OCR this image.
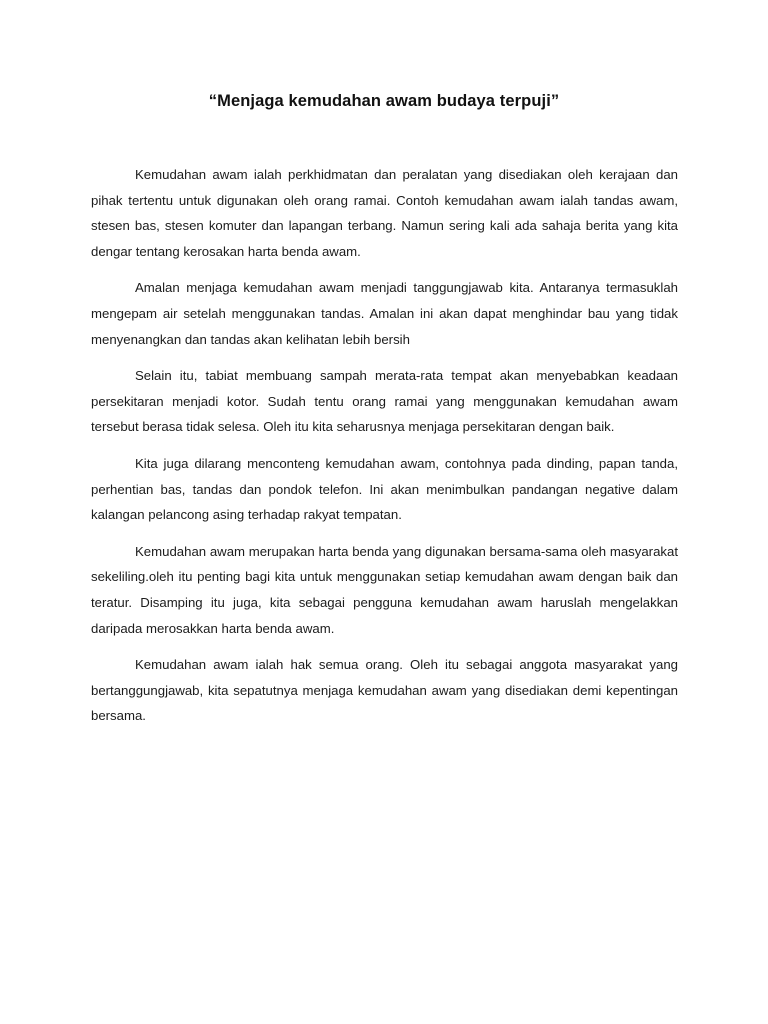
“Menjaga kemudahan awam budaya terpuji”

Kemudahan awam ialah perkhidmatan dan peralatan yang disediakan oleh kerajaan dan pihak tertentu untuk digunakan oleh orang ramai. Contoh kemudahan awam ialah tandas awam, stesen bas, stesen komuter dan lapangan terbang. Namun sering kali ada sahaja berita yang kita dengar tentang kerosakan harta benda awam.

Amalan menjaga kemudahan awam menjadi tanggungjawab kita. Antaranya termasuklah mengepam air setelah menggunakan tandas. Amalan ini akan dapat menghindar bau yang tidak menyenangkan dan tandas akan kelihatan lebih bersih

Selain itu, tabiat membuang sampah merata-rata tempat akan menyebabkan keadaan persekitaran menjadi kotor. Sudah tentu orang ramai yang menggunakan kemudahan awam tersebut berasa tidak selesa. Oleh itu kita seharusnya menjaga persekitaran dengan baik.

Kita juga dilarang menconteng kemudahan awam, contohnya pada dinding, papan tanda, perhentian bas, tandas dan pondok telefon. Ini akan menimbulkan pandangan negative dalam kalangan pelancong asing terhadap rakyat tempatan.

Kemudahan awam merupakan harta benda yang digunakan bersama-sama oleh masyarakat sekeliling.oleh itu penting bagi kita untuk menggunakan setiap kemudahan awam dengan baik dan teratur. Disamping itu juga, kita sebagai pengguna kemudahan awam haruslah mengelakkan daripada merosakkan harta benda awam.

Kemudahan awam ialah hak semua orang. Oleh itu sebagai anggota masyarakat yang bertanggungjawab, kita sepatutnya menjaga kemudahan awam yang disediakan demi kepentingan bersama.
